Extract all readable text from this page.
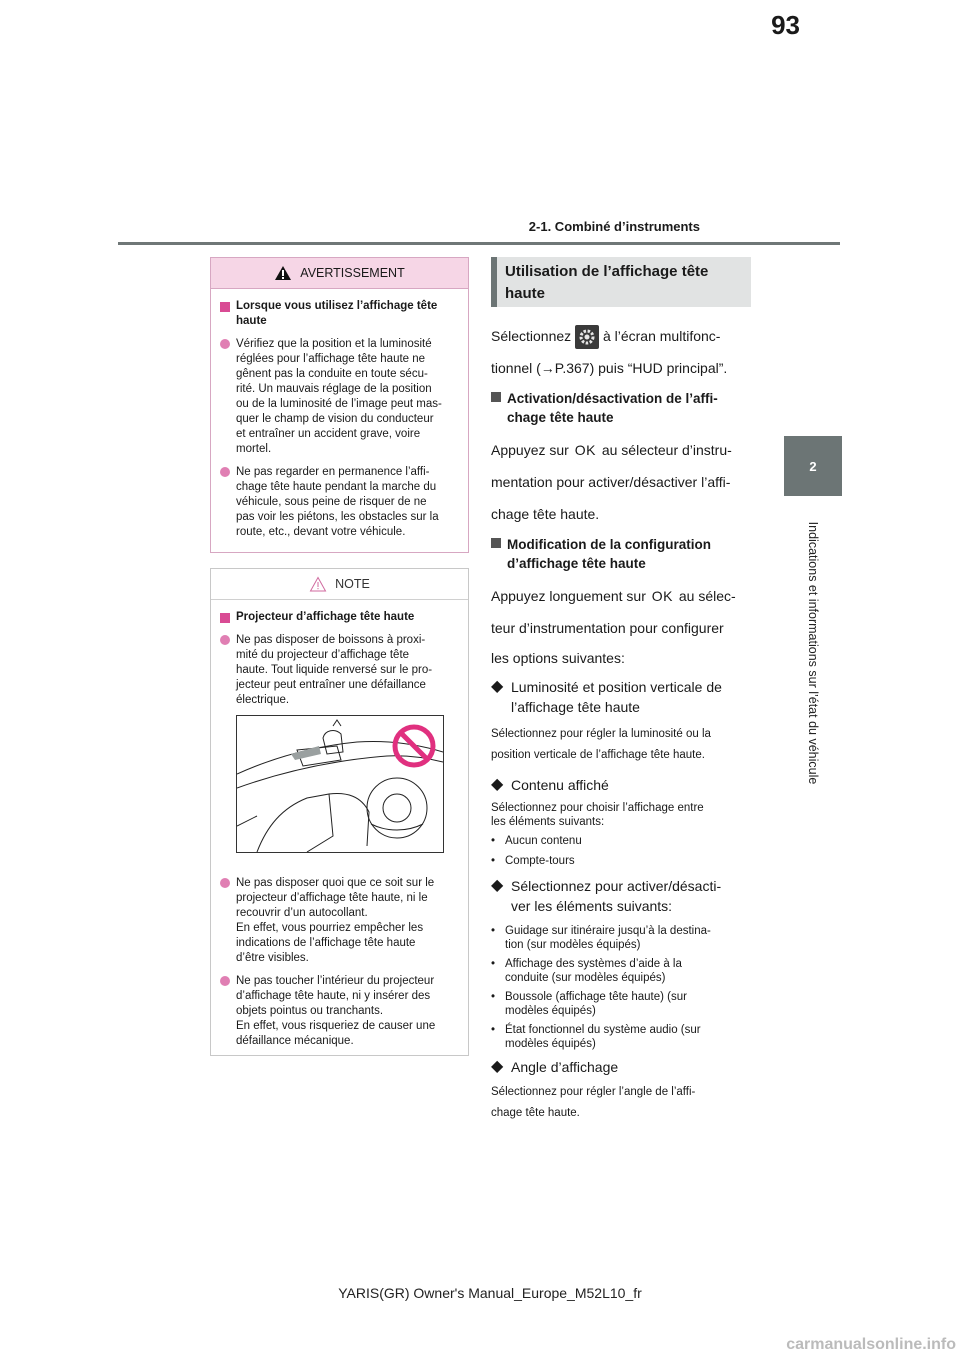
93
2-1. Combiné d’instruments
2
Indications et informations sur l’état du véhicule
AVERTISSEMENT
Lorsque vous utilisez l’affichage tête haute
Vérifiez que la position et la luminosité
réglées pour l’affichage tête haute ne
gênent pas la conduite en toute sécu-
rité. Un mauvais réglage de la position
ou de la luminosité de l’image peut mas-
quer le champ de vision du conducteur
et entraîner un accident grave, voire
mortel.
Ne pas regarder en permanence l’affi-
chage tête haute pendant la marche du
véhicule, sous peine de risquer de ne
pas voir les piétons, les obstacles sur la
route, etc., devant votre véhicule.
NOTE
Projecteur d’affichage tête haute
Ne pas disposer de boissons à proxi-
mité du projecteur d’affichage tête
haute. Tout liquide renversé sur le pro-
jecteur peut entraîner une défaillance
électrique.
Ne pas disposer quoi que ce soit sur le
projecteur d’affichage tête haute, ni le
recouvrir d’un autocollant.
En effet, vous pourriez empêcher les
indications de l’affichage tête haute
d’être visibles.
Ne pas toucher l’intérieur du projecteur
d’affichage tête haute, ni y insérer des
objets pointus ou tranchants.
En effet, vous risqueriez de causer une
défaillance mécanique.
Utilisation de l’affichage tête haute

Sélectionnez à l’écran multifonc-

tionnel (→P.367) puis “HUD principal”.

Activation/désactivation de l’affi-
chage tête haute

Appuyez sur OK au sélecteur d’instru-

mentation pour activer/désactiver l’affi-

chage tête haute.

Modification de la configuration
d’affichage tête haute

Appuyez longuement sur OK au sélec-

teur d’instrumentation pour configurer

les options suivantes:

◆ Luminosité et position verticale de
l’affichage tête haute

Sélectionnez pour régler la luminosité ou la

position verticale de l’affichage tête haute.

◆ Contenu affiché

Sélectionnez pour choisir l’affichage entre
les éléments suivants:

• Aucun contenu
• Compte-tours
◆ Sélectionnez pour activer/désacti-
ver les éléments suivants:
• Guidage sur itinéraire jusqu’à la destina-
tion (sur modèles équipés)
• Affichage des systèmes d’aide à la
conduite (sur modèles équipés)
• Boussole (affichage tête haute) (sur
modèles équipés)
• État fonctionnel du système audio (sur
modèles équipés)
◆ Angle d’affichage

Sélectionnez pour régler l’angle de l’affi-

chage tête haute.

YARIS(GR) Owner's Manual_Europe_M52L10_fr
carmanualsonline.info
